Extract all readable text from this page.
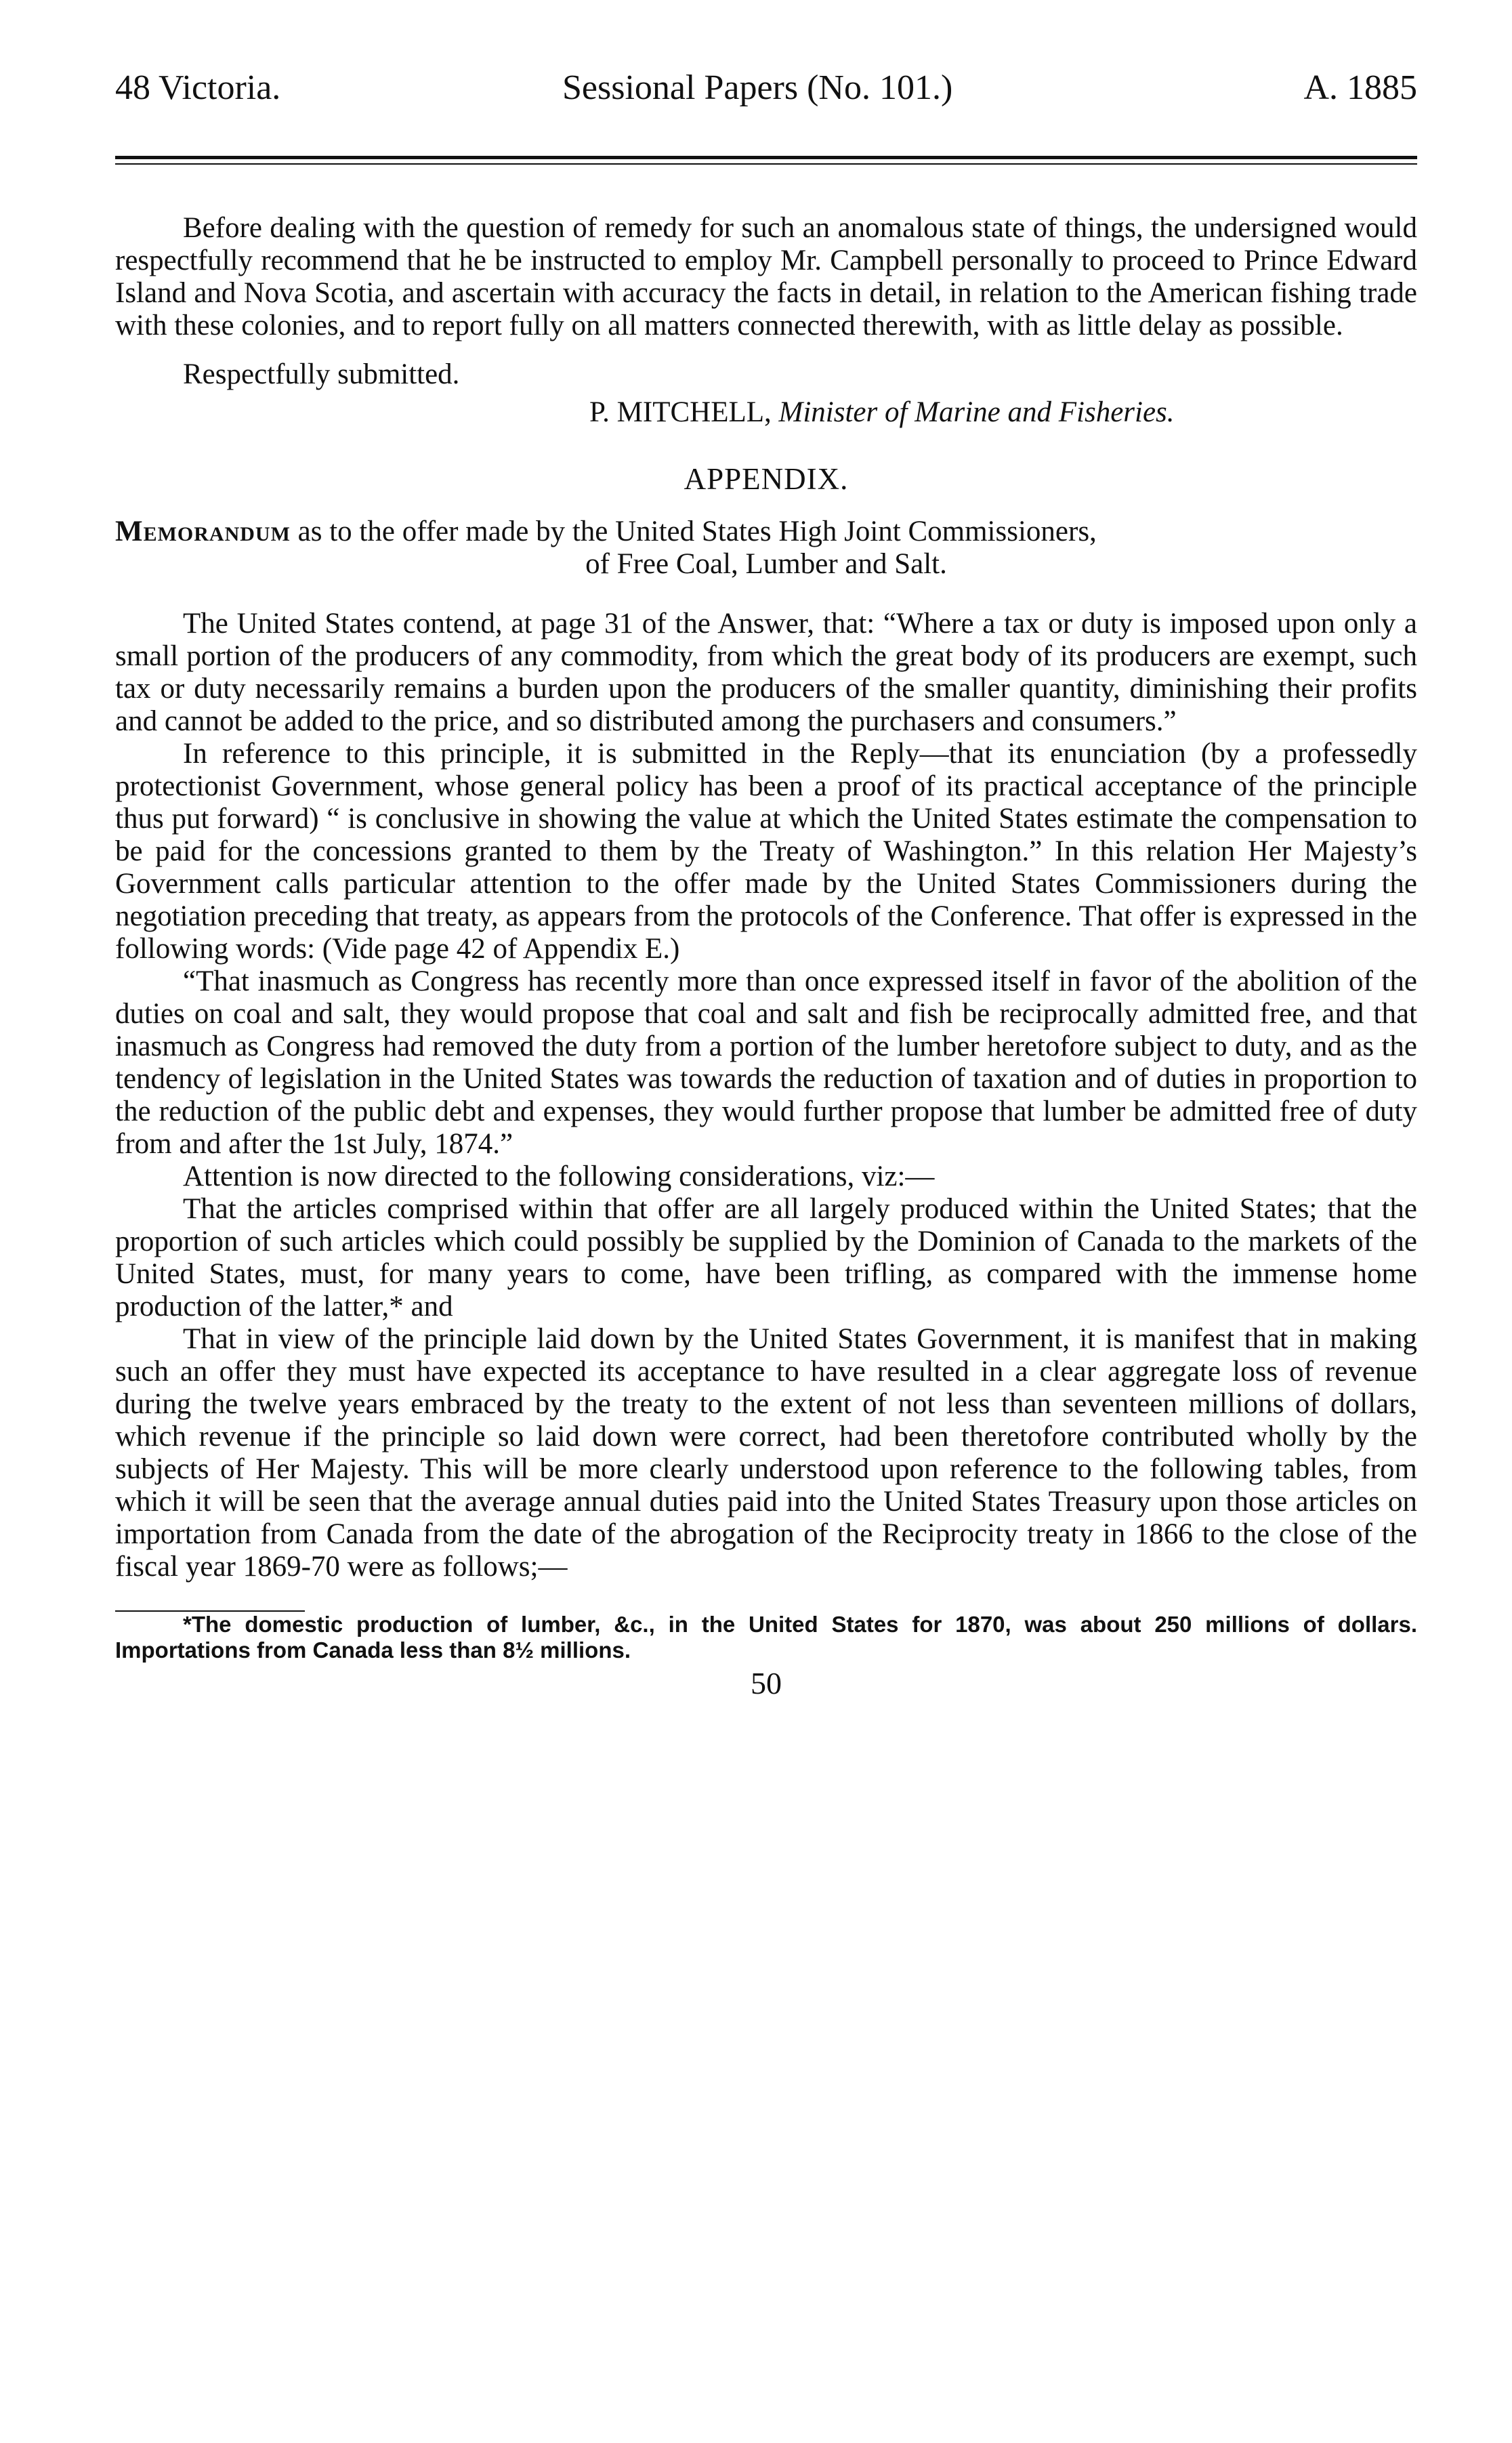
48 Victoria.	Sessional Papers (No. 101.)	A. 1885

Before dealing with the question of remedy for such an anomalous state of things, the undersigned would respectfully recommend that he be instructed to employ Mr. Campbell personally to proceed to Prince Edward Island and Nova Scotia, and ascertain with accuracy the facts in detail, in relation to the American fishing trade with these colonies, and to report fully on all matters connected therewith, with as little delay as possible.

Respectfully submitted.

P. MITCHELL, Minister of Marine and Fisheries.
APPENDIX.
Memorandum as to the offer made by the United States High Joint Commissioners,
of Free Coal, Lumber and Salt.

The United States contend, at page 31 of the Answer, that: “Where a tax or duty is imposed upon only a small portion of the producers of any commodity, from which the great body of its producers are exempt, such tax or duty necessarily remains a burden upon the producers of the smaller quantity, diminishing their profits and cannot be added to the price, and so distributed among the purchasers and consumers.”

In reference to this principle, it is submitted in the Reply—that its enunciation (by a professedly protectionist Government, whose general policy has been a proof of its practical acceptance of the principle thus put forward) “ is conclusive in showing the value at which the United States estimate the compensation to be paid for the concessions granted to them by the Treaty of Washington.” In this relation Her Majesty’s Government calls particular attention to the offer made by the United States Commissioners during the negotiation preceding that treaty, as appears from the protocols of the Conference. That offer is expressed in the following words: (Vide page 42 of Appendix E.)

“That inasmuch as Congress has recently more than once expressed itself in favor of the abolition of the duties on coal and salt, they would propose that coal and salt and fish be reciprocally admitted free, and that inasmuch as Congress had removed the duty from a portion of the lumber heretofore subject to duty, and as the tendency of legislation in the United States was towards the reduction of taxation and of duties in proportion to the reduction of the public debt and expenses, they would further propose that lumber be admitted free of duty from and after the 1st July, 1874.”

Attention is now directed to the following considerations, viz:—

That the articles comprised within that offer are all largely produced within the United States; that the proportion of such articles which could possibly be supplied by the Dominion of Canada to the markets of the United States, must, for many years to come, have been trifling, as compared with the immense home production of the latter,* and

That in view of the principle laid down by the United States Government, it is manifest that in making such an offer they must have expected its acceptance to have resulted in a clear aggregate loss of revenue during the twelve years embraced by the treaty to the extent of not less than seventeen millions of dollars, which revenue if the principle so laid down were correct, had been theretofore contributed wholly by the subjects of Her Majesty. This will be more clearly understood upon reference to the following tables, from which it will be seen that the average annual duties paid into the United States Treasury upon those articles on importation from Canada from the date of the abrogation of the Reciprocity treaty in 1866 to the close of the fiscal year 1869-70 were as follows;—

*The domestic production of lumber, &c., in the United States for 1870, was about 250 millions of dollars. Importations from Canada less than 8½ millions.

50
